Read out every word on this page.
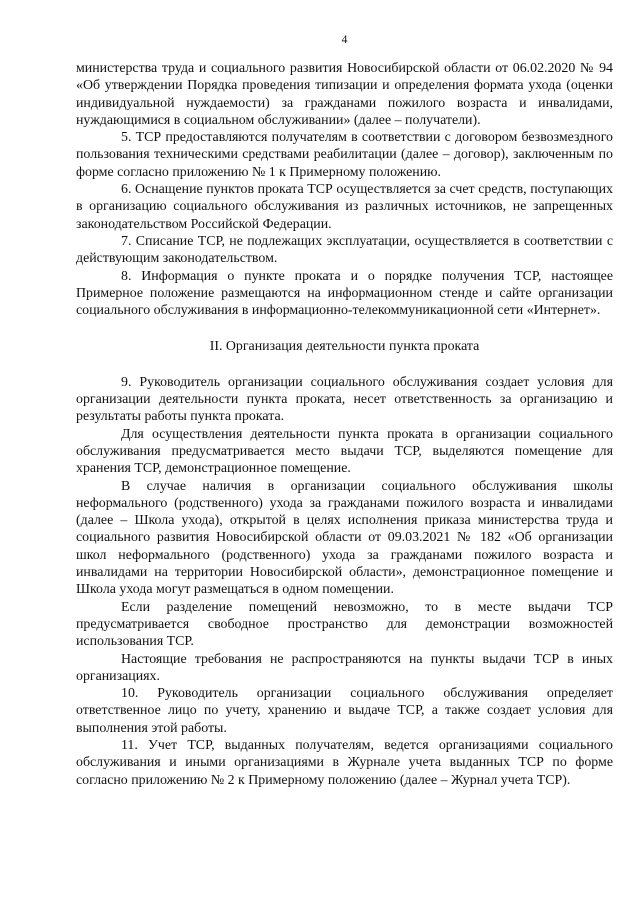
4

министерства труда и социального развития Новосибирской области от 06.02.2020 № 94 «Об утверждении Порядка проведения типизации и определения формата ухода (оценки индивидуальной нуждаемости) за гражданами пожилого возраста и инвалидами, нуждающимися в социальном обслуживании» (далее – получатели).

5. ТСР предоставляются получателям в соответствии с договором безвозмездного пользования техническими средствами реабилитации (далее – договор), заключенным по форме согласно приложению № 1 к Примерному положению.

6. Оснащение пунктов проката ТСР осуществляется за счет средств, поступающих в организацию социального обслуживания из различных источников, не запрещенных законодательством Российской Федерации.

7. Списание ТСР, не подлежащих эксплуатации, осуществляется в соответствии с действующим законодательством.

8. Информация о пункте проката и о порядке получения ТСР, настоящее Примерное положение размещаются на информационном стенде и сайте организации социального обслуживания в информационно-телекоммуникационной сети «Интернет».

II. Организация деятельности пункта проката

9. Руководитель организации социального обслуживания создает условия для организации деятельности пункта проката, несет ответственность за организацию и результаты работы пункта проката.

Для осуществления деятельности пункта проката в организации социального обслуживания предусматривается место выдачи ТСР, выделяются помещение для хранения ТСР, демонстрационное помещение.

В случае наличия в организации социального обслуживания школы неформального (родственного) ухода за гражданами пожилого возраста и инвалидами (далее – Школа ухода), открытой в целях исполнения приказа министерства труда и социального развития Новосибирской области от 09.03.2021 № 182 «Об организации школ неформального (родственного) ухода за гражданами пожилого возраста и инвалидами на территории Новосибирской области», демонстрационное помещение и Школа ухода могут размещаться в одном помещении.

Если разделение помещений невозможно, то в месте выдачи ТСР предусматривается свободное пространство для демонстрации возможностей использования ТСР.

Настоящие требования не распространяются на пункты выдачи ТСР в иных организациях.

10. Руководитель организации социального обслуживания определяет ответственное лицо по учету, хранению и выдаче ТСР, а также создает условия для выполнения этой работы.

11. Учет ТСР, выданных получателям, ведется организациями социального обслуживания и иными организациями в Журнале учета выданных ТСР по форме согласно приложению № 2 к Примерному положению (далее – Журнал учета ТСР).
